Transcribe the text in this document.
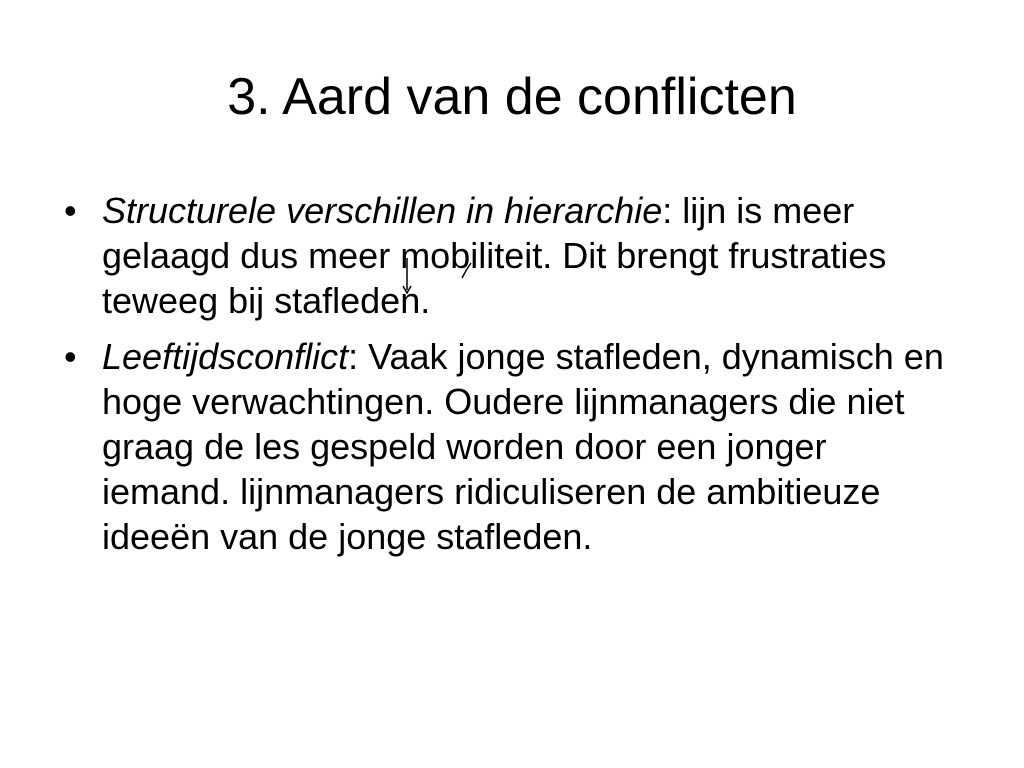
3. Aard van de conflicten
• Structurele verschillen in hierarchie: lijn is meer gelaagd dus meer mobiliteit. Dit brengt frustraties teweeg bij stafleden.
• Leeftijdsconflict: Vaak jonge stafleden, dynamisch en hoge verwachtingen. Oudere lijnmanagers die niet graag de les gespeld worden door een jonger iemand. lijnmanagers ridiculiseren de ambitieuze ideeën van de jonge stafleden.
